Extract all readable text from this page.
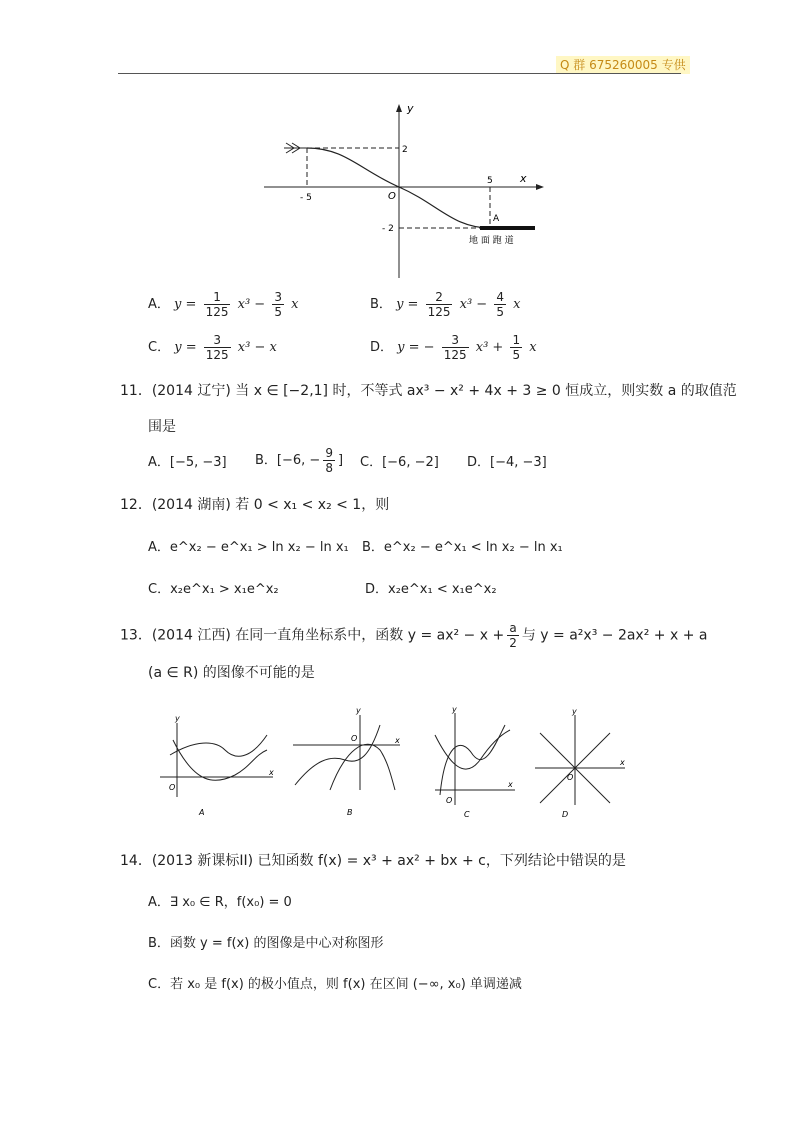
Q 群 675260005 专供
y
x
2
- 2
- 5
5
O
A
地 面 跑 道
A． $y = \frac{1}{125} x^3 - \frac{3}{5}$ x	B． $y = \frac{2}{125} x^3 - \frac{4}{5}$ x
C． $y = \frac{3}{125} x^3 - x$	D． y = − $\frac{3}{125} x^3 + \frac{1}{5}$ x
11．(2014 辽宁) 当 x ∈ [−2,1] 时，不等式 ax³ − x² + 4x + 3 ≥ 0 恒成立，则实数 a 的取值范
围是
A．[−5, −3] B．[−6, − $\frac{9}{8}$ ] C．[−6, −2] D．[−4, −3]
12．(2014 湖南) 若 0 < x₁ < x₂ < 1，则
A．e^x₂ − e^x₁ > ln x₂ − ln x₁ B．e^x₂ − e^x₁ < ln x₂ − ln x₁
C．x₂e^x₁ > x₁e^x₂	D．x₂e^x₁ < x₁e^x₂
13．(2014 江西) 在同一直角坐标系中，函数 $y = ax^2 - x + \frac{a}{2}$ 与 y = a²x³ − 2ax² + x + a
(a ∈ R) 的图像不可能的是
y
x
O
A
y
x
O
B
y
x
O
C
y
x
O
D
14．(2013 新课标II) 已知函数 f(x) = x³ + ax² + bx + c，下列结论中错误的是
A．∃ x₀ ∈ R，f(x₀) = 0
B．函数 y = f(x) 的图像是中心对称图形
C．若 x₀ 是 f(x) 的极小值点，则 f(x) 在区间 (−∞, x₀) 单调递减
